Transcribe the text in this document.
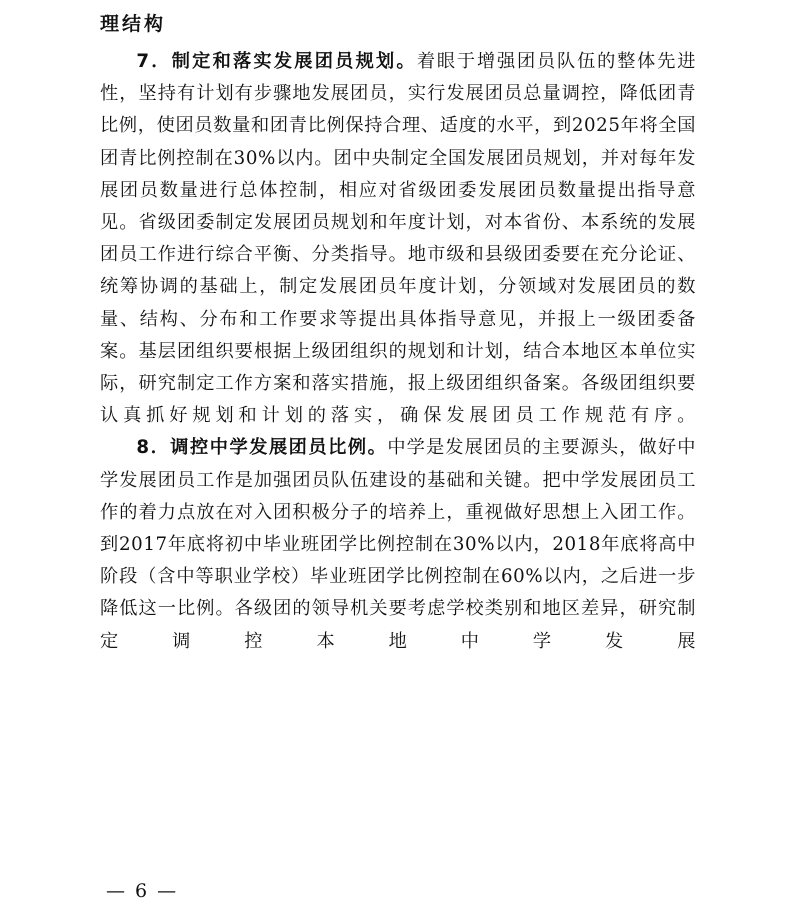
理结构

7．制定和落实发展团员规划。着眼于增强团员队伍的整体先进性，坚持有计划有步骤地发展团员，实行发展团员总量调控，降低团青比例，使团员数量和团青比例保持合理、适度的水平，到2025年将全国团青比例控制在30%以内。团中央制定全国发展团员规划，并对每年发展团员数量进行总体控制，相应对省级团委发展团员数量提出指导意见。省级团委制定发展团员规划和年度计划，对本省份、本系统的发展团员工作进行综合平衡、分类指导。地市级和县级团委要在充分论证、统筹协调的基础上，制定发展团员年度计划，分领域对发展团员的数量、结构、分布和工作要求等提出具体指导意见，并报上一级团委备案。基层团组织要根据上级团组织的规划和计划，结合本地区本单位实际，研究制定工作方案和落实措施，报上级团组织备案。各级团组织要认真抓好规划和计划的落实，确保发展团员工作规范有序。

8．调控中学发展团员比例。中学是发展团员的主要源头，做好中学发展团员工作是加强团员队伍建设的基础和关键。把中学发展团员工作的着力点放在对入团积极分子的培养上，重视做好思想上入团工作。到2017年底将初中毕业班团学比例控制在30%以内，2018年底将高中阶段（含中等职业学校）毕业班团学比例控制在60%以内，之后进一步降低这一比例。各级团的领导机关要考虑学校类别和地区差异，研究制定调控本地中学发展

— 6 —
